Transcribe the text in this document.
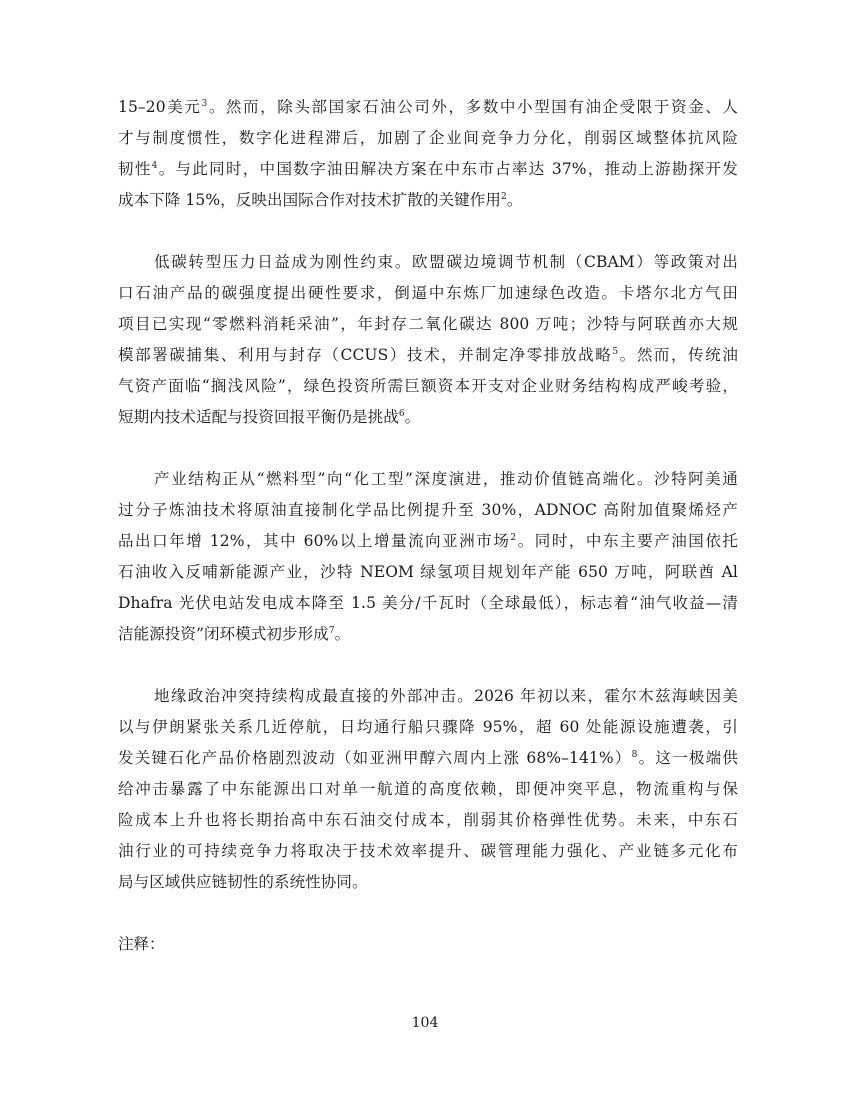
15–20美元$^3$。然而，除头部国家石油公司外，多数中小型国有油企受限于资金、人
才与制度惯性，数字化进程滞后，加剧了企业间竞争力分化，削弱区域整体抗风险
韧性$^4$。与此同时，中国数字油田解决方案在中东市占率达 37%，推动上游勘探开发
成本下降 15%，反映出国际合作对技术扩散的关键作用$^2$。
低碳转型压力日益成为刚性约束。欧盟碳边境调节机制（CBAM）等政策对出
口石油产品的碳强度提出硬性要求，倒逼中东炼厂加速绿色改造。卡塔尔北方气田
项目已实现“零燃料消耗采油”，年封存二氧化碳达 800 万吨；沙特与阿联酋亦大规
模部署碳捕集、利用与封存（CCUS）技术，并制定净零排放战略$^5$。然而，传统油
气资产面临“搁浅风险”，绿色投资所需巨额资本开支对企业财务结构构成严峻考验，
短期内技术适配与投资回报平衡仍是挑战$^6$。
产业结构正从“燃料型”向“化工型”深度演进，推动价值链高端化。沙特阿美通
过分子炼油技术将原油直接制化学品比例提升至 30%，ADNOC 高附加值聚烯烃产
品出口年增 12%，其中 60%以上增量流向亚洲市场$^2$。同时，中东主要产油国依托
石油收入反哺新能源产业，沙特 NEOM 绿氢项目规划年产能 650 万吨，阿联酋 Al
Dhafra 光伏电站发电成本降至 1.5 美分/千瓦时（全球最低），标志着“油气收益—清
洁能源投资”闭环模式初步形成$^7$。
地缘政治冲突持续构成最直接的外部冲击。2026 年初以来，霍尔木兹海峡因美
以与伊朗紧张关系几近停航，日均通行船只骤降 95%，超 60 处能源设施遭袭，引
发关键石化产品价格剧烈波动（如亚洲甲醇六周内上涨 68%–141%）$^8$。这一极端供
给冲击暴露了中东能源出口对单一航道的高度依赖，即便冲突平息，物流重构与保
险成本上升也将长期抬高中东石油交付成本，削弱其价格弹性优势。未来，中东石
油行业的可持续竞争力将取决于技术效率提升、碳管理能力强化、产业链多元化布
局与区域供应链韧性的系统性协同。
注释：
104
